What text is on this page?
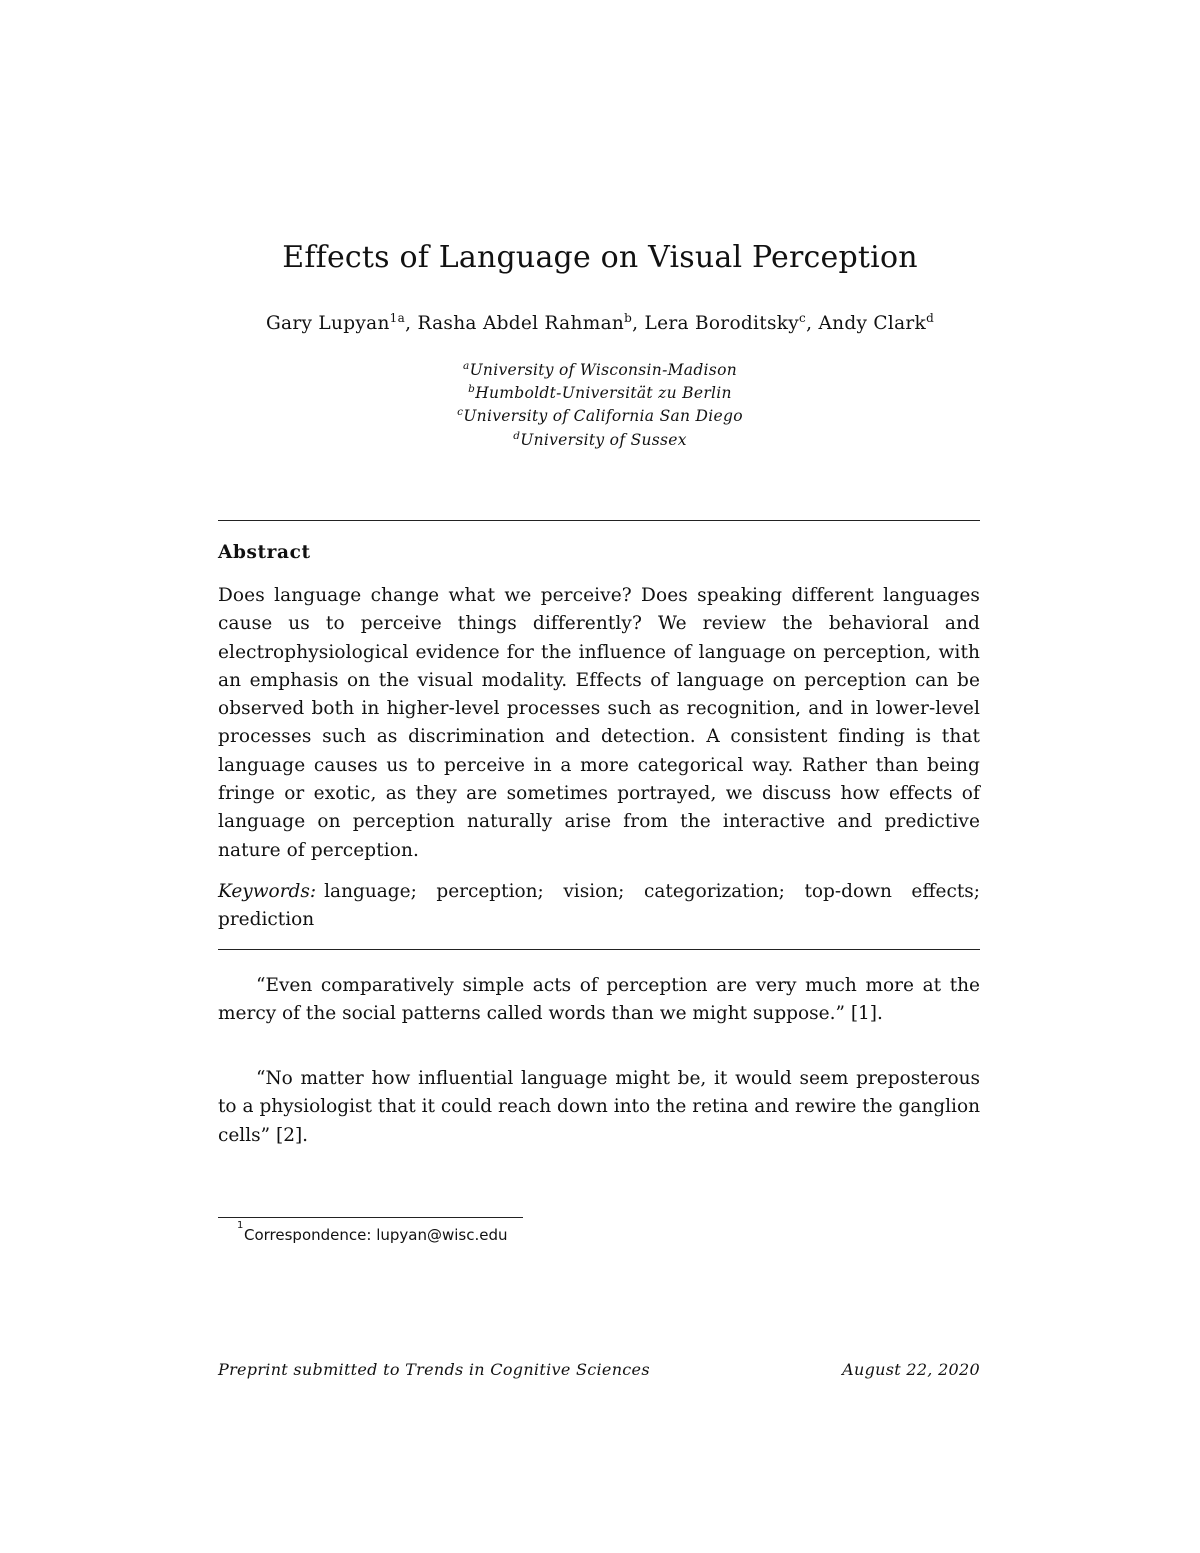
Effects of Language on Visual Perception
Gary Lupyan$^{1a}$, Rasha Abdel Rahman$^b$, Lera Boroditsky$^c$, Andy Clark$^d$
$^a$University of Wisconsin-Madison
$^b$Humboldt-Universität zu Berlin
$^c$University of California San Diego
$^d$University of Sussex
Abstract
Does language change what we perceive? Does speaking different languages cause us to perceive things differently? We review the behavioral and electrophysiological evidence for the influence of language on perception, with an emphasis on the visual modality. Effects of language on perception can be observed both in higher-level processes such as recognition, and in lower-level processes such as discrimination and detection. A consistent finding is that language causes us to perceive in a more categorical way. Rather than being fringe or exotic, as they are sometimes portrayed, we discuss how effects of language on perception naturally arise from the interactive and predictive nature of perception.
Keywords: language; perception; vision; categorization; top-down effects; prediction
“Even comparatively simple acts of perception are very much more at the mercy of the social patterns called words than we might suppose.” [1].
“No matter how influential language might be, it would seem preposterous to a physiologist that it could reach down into the retina and rewire the ganglion cells” [2].
1
Correspondence: lupyan@wisc.edu
Preprint submitted to Trends in Cognitive Sciences	August 22, 2020
